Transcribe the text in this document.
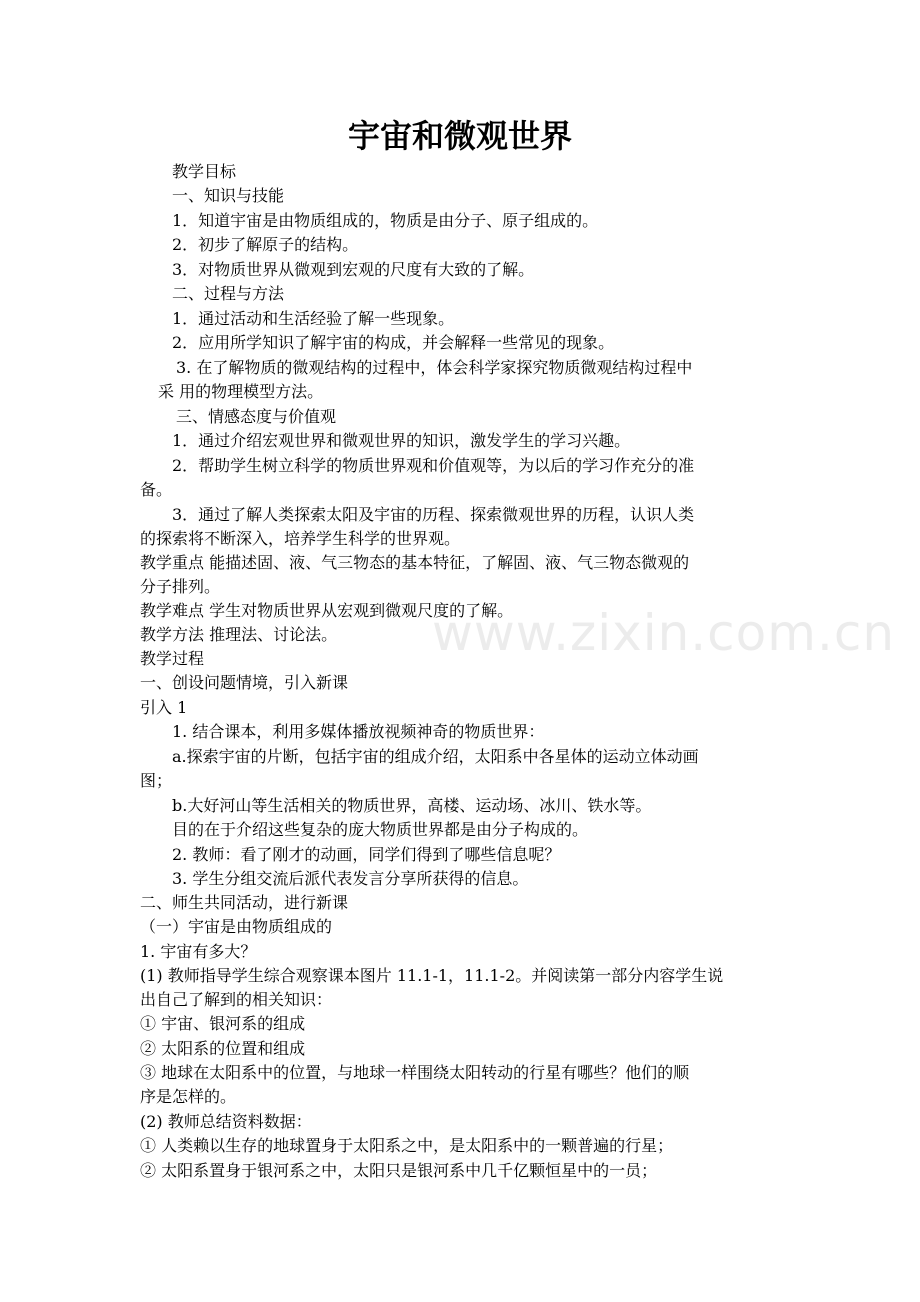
www.zixin.com.cn
宇宙和微观世界
教学目标
一、知识与技能
1．知道宇宙是由物质组成的，物质是由分子、原子组成的。
2．初步了解原子的结构。
3．对物质世界从微观到宏观的尺度有大致的了解。
二、过程与方法
1．通过活动和生活经验了解一些现象。
2．应用所学知识了解宇宙的构成，并会解释一些常见的现象。
3. 在了解物质的微观结构的过程中，体会科学家探究物质微观结构过程中
采 用的物理模型方法。
三、情感态度与价值观
1．通过介绍宏观世界和微观世界的知识，激发学生的学习兴趣。
2．帮助学生树立科学的物质世界观和价值观等，为以后的学习作充分的准
备。
3．通过了解人类探索太阳及宇宙的历程、探索微观世界的历程，认识人类
的探索将不断深入，培养学生科学的世界观。
教学重点 能描述固、液、气三物态的基本特征，了解固、液、气三物态微观的
分子排列。
教学难点 学生对物质世界从宏观到微观尺度的了解。
教学方法 推理法、讨论法。
教学过程
一、创设问题情境，引入新课
引入 1
1. 结合课本，利用多媒体播放视频神奇的物质世界：
a.探索宇宙的片断，包括宇宙的组成介绍，太阳系中各星体的运动立体动画
图；
b.大好河山等生活相关的物质世界，高楼、运动场、冰川、铁水等。
目的在于介绍这些复杂的庞大物质世界都是由分子构成的。
2. 教师：看了刚才的动画，同学们得到了哪些信息呢？
3. 学生分组交流后派代表发言分享所获得的信息。
二、师生共同活动，进行新课
（一）宇宙是由物质组成的
1. 宇宙有多大？
(1) 教师指导学生综合观察课本图片 11.1-1，11.1-2。并阅读第一部分内容学生说
出自己了解到的相关知识：
① 宇宙、银河系的组成
② 太阳系的位置和组成
③ 地球在太阳系中的位置，与地球一样围绕太阳转动的行星有哪些？他们的顺
序是怎样的。
(2) 教师总结资料数据：
① 人类赖以生存的地球置身于太阳系之中，是太阳系中的一颗普遍的行星；
② 太阳系置身于银河系之中，太阳只是银河系中几千亿颗恒星中的一员；
